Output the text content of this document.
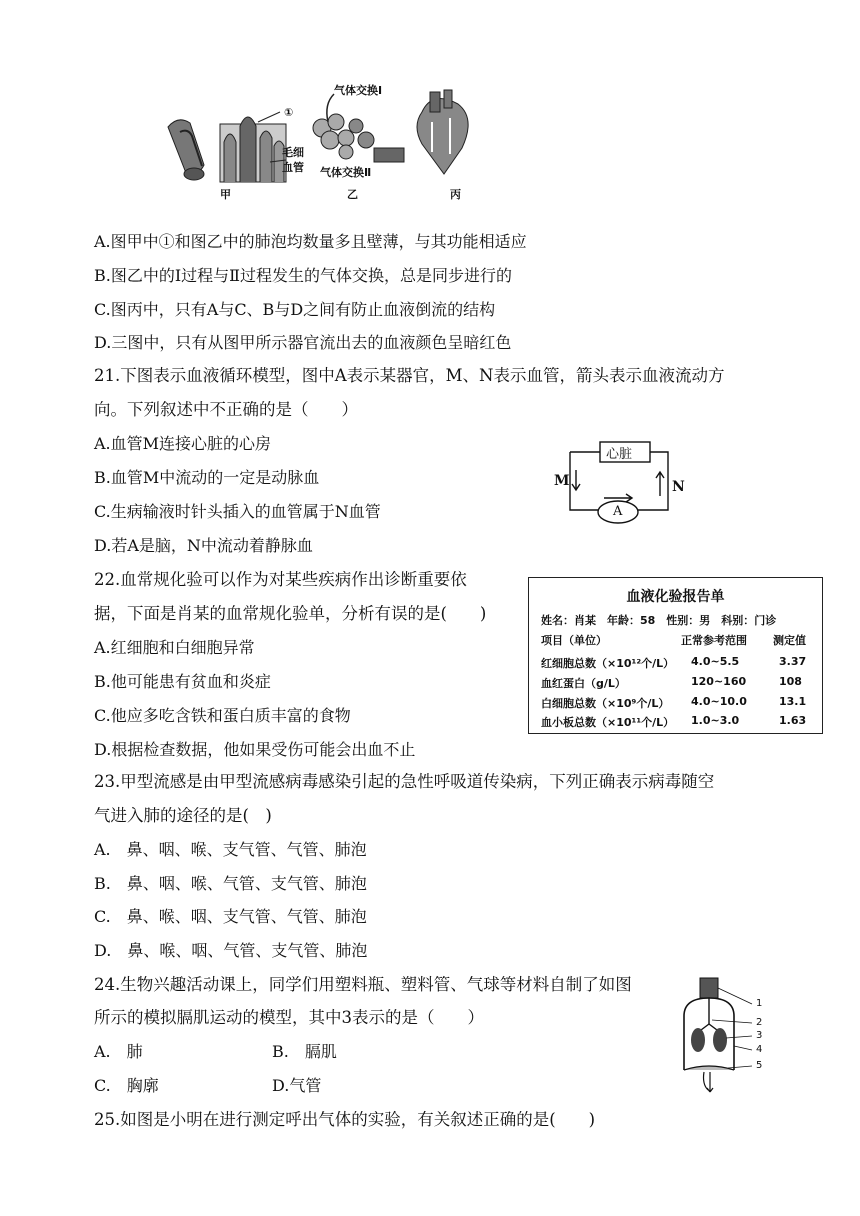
①
毛细
血管
气体交换Ⅰ
气体交换Ⅱ
甲	乙	丙
A.图甲中①和图乙中的肺泡均数量多且壁薄，与其功能相适应
B.图乙中的Ⅰ过程与Ⅱ过程发生的气体交换，总是同步进行的
C.图丙中，只有A与C、B与D之间有防止血液倒流的结构
D.三图中，只有从图甲所示器官流出去的血液颜色呈暗红色
21.下图表示血液循环模型，图中A表示某器官，M、N表示血管，箭头表示血液流动方
向。下列叙述中不正确的是（　　）
A.血管M连接心脏的心房
B.血管M中流动的一定是动脉血
C.生病输液时针头插入的血管属于N血管
D.若A是脑，N中流动着静脉血
心脏
M	N
A
22.血常规化验可以作为对某些疾病作出诊断重要依
据，下面是肖某的血常规化验单，分析有误的是(　　)
A.红细胞和白细胞异常
B.他可能患有贫血和炎症
C.他应多吃含铁和蛋白质丰富的食物
D.根据检查数据，他如果受伤可能会出血不止
血液化验报告单
姓名：肖某　年龄：58　性别：男　科别：门诊
项目（单位）	正常参考范围 测定值
红细胞总数（×10¹²个/L） 4.0~5.5	3.37
血红蛋白（g/L）	120~160	108
白细胞总数（×10⁹个/L） 4.0~10.0	13.1
血小板总数（×10¹¹个/L） 1.0~3.0	1.63
23.甲型流感是由甲型流感病毒感染引起的急性呼吸道传染病，下列正确表示病毒随空
气进入肺的途径的是(　)
A.　鼻、咽、喉、支气管、气管、肺泡
B.　鼻、咽、喉、气管、支气管、肺泡
C.　鼻、喉、咽、支气管、气管、肺泡
D.　鼻、喉、咽、气管、支气管、肺泡
24.生物兴趣活动课上，同学们用塑料瓶、塑料管、气球等材料自制了如图
所示的模拟膈肌运动的模型，其中3表示的是（　　）
A.　肺	B.　膈肌
C.　胸廓	D.气管
1
2
3
4
5
25.如图是小明在进行测定呼出气体的实验，有关叙述正确的是(　　)
